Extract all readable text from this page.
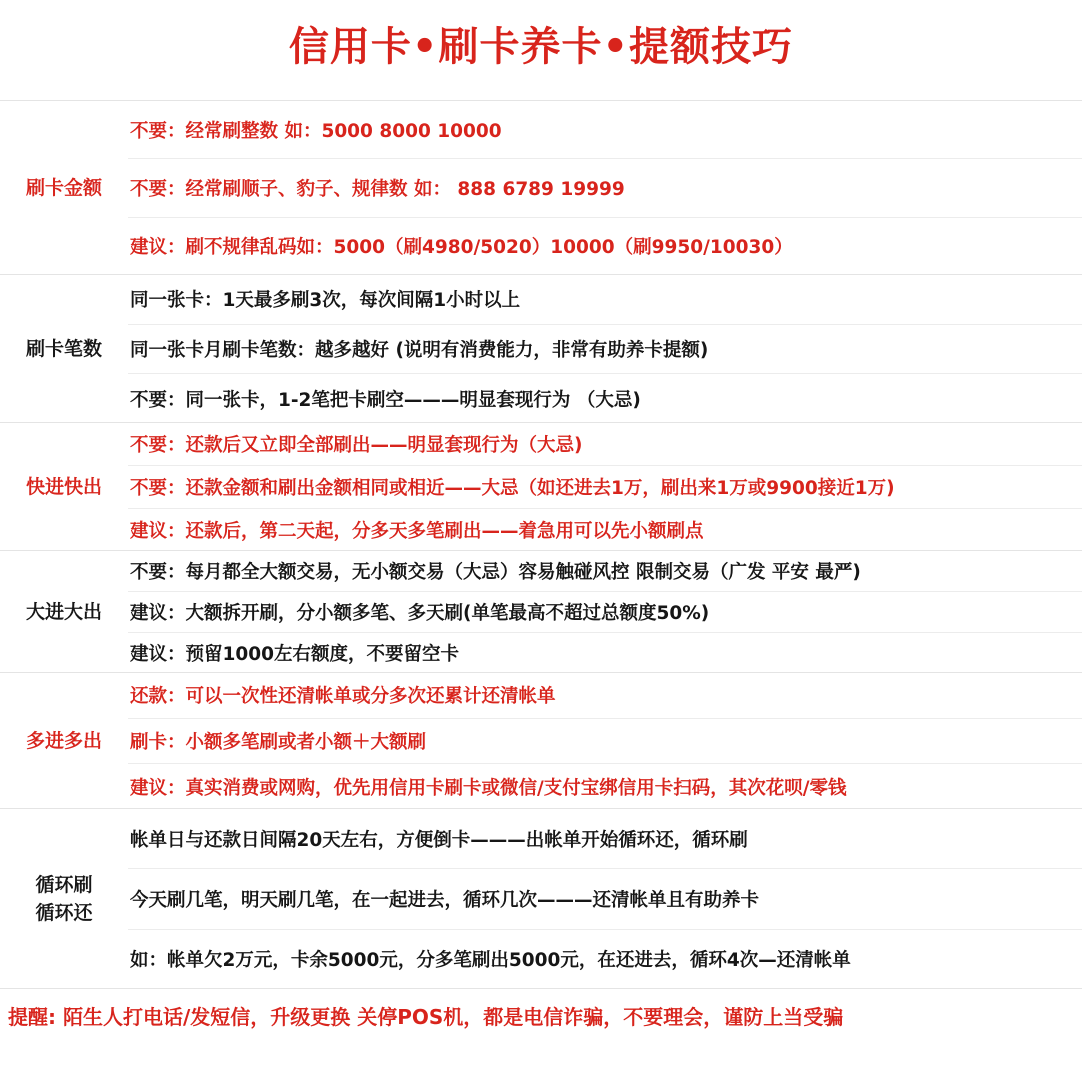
信用卡•刷卡养卡•提额技巧
刷卡金额
不要：经常刷整数 如：5000 8000 10000
不要：经常刷顺子、豹子、规律数 如： 888 6789 19999
建议：刷不规律乱码如：5000（刷4980/5020）10000（刷9950/10030）
刷卡笔数
同一张卡：1天最多刷3次，每次间隔1小时以上
同一张卡月刷卡笔数：越多越好 (说明有消费能力，非常有助养卡提额)
不要：同一张卡，1-2笔把卡刷空———明显套现行为 （大忌)
快进快出
不要：还款后又立即全部刷出——明显套现行为（大忌)
不要：还款金额和刷出金额相同或相近——大忌（如还进去1万，刷出来1万或9900接近1万)
建议：还款后，第二天起，分多天多笔刷出——着急用可以先小额刷点
大进大出
不要：每月都全大额交易，无小额交易（大忌）容易触碰风控 限制交易（广发 平安 最严)
建议：大额拆开刷，分小额多笔、多天刷(单笔最高不超过总额度50%)
建议：预留1000左右额度，不要留空卡
多进多出
还款：可以一次性还清帐单或分多次还累计还清帐单
刷卡：小额多笔刷或者小额＋大额刷
建议：真实消费或网购，优先用信用卡刷卡或微信/支付宝绑信用卡扫码，其次花呗/零钱
循环刷
循环还
帐单日与还款日间隔20天左右，方便倒卡———出帐单开始循环还，循环刷
今天刷几笔，明天刷几笔，在一起进去，循环几次———还清帐单且有助养卡
如：帐单欠2万元，卡余5000元，分多笔刷出5000元，在还进去，循环4次—还清帐单
提醒: 陌生人打电话/发短信，升级更换 关停POS机，都是电信诈骗，不要理会，谨防上当受骗
